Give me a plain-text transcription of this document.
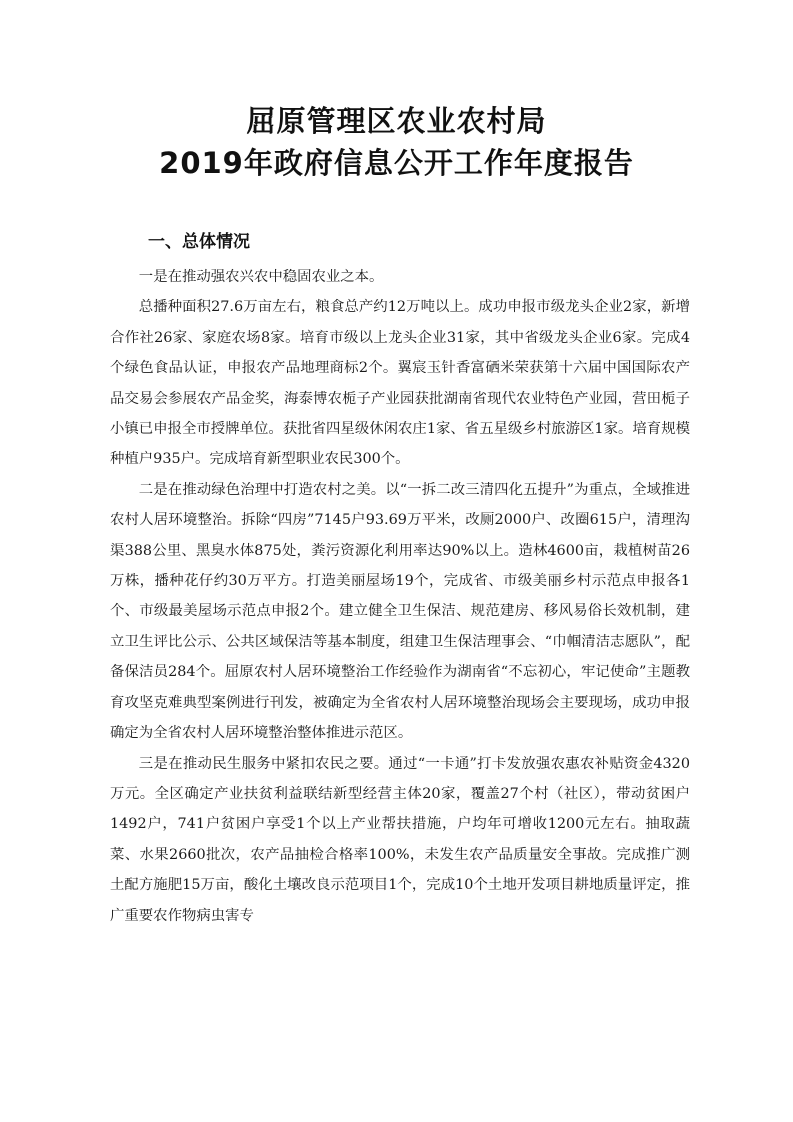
屈原管理区农业农村局
2019年政府信息公开工作年度报告
一、总体情况

一是在推动强农兴农中稳固农业之本。

总播种面积27.6万亩左右，粮食总产约12万吨以上。成功申报市级龙头企业2家，新增合作社26家、家庭农场8家。培育市级以上龙头企业31家，其中省级龙头企业6家。完成4个绿色食品认证，申报农产品地理商标2个。翼宸玉针香富硒米荣获第十六届中国国际农产品交易会参展农产品金奖，海泰博农栀子产业园获批湖南省现代农业特色产业园，营田栀子小镇已申报全市授牌单位。获批省四星级休闲农庄1家、省五星级乡村旅游区1家。培育规模种植户935户。完成培育新型职业农民300个。

二是在推动绿色治理中打造农村之美。以“一拆二改三清四化五提升”为重点，全域推进农村人居环境整治。拆除“四房”7145户93.69万平米，改厕2000户、改圈615户，清理沟渠388公里、黑臭水体875处，粪污资源化利用率达90%以上。造林4600亩，栽植树苗26万株，播种花仔约30万平方。打造美丽屋场19个，完成省、市级美丽乡村示范点申报各1个、市级最美屋场示范点申报2个。建立健全卫生保洁、规范建房、移风易俗长效机制，建立卫生评比公示、公共区域保洁等基本制度，组建卫生保洁理事会、“巾帼清洁志愿队”，配备保洁员284个。屈原农村人居环境整治工作经验作为湖南省“不忘初心，牢记使命”主题教育攻坚克难典型案例进行刊发，被确定为全省农村人居环境整治现场会主要现场，成功申报确定为全省农村人居环境整治整体推进示范区。

三是在推动民生服务中紧扣农民之要。通过“一卡通”打卡发放强农惠农补贴资金4320万元。全区确定产业扶贫利益联结新型经营主体20家，覆盖27个村（社区），带动贫困户1492户，741户贫困户享受1个以上产业帮扶措施，户均年可增收1200元左右。抽取蔬菜、水果2660批次，农产品抽检合格率100%，未发生农产品质量安全事故。完成推广测土配方施肥15万亩，酸化土壤改良示范项目1个，完成10个土地开发项目耕地质量评定，推广重要农作物病虫害专
